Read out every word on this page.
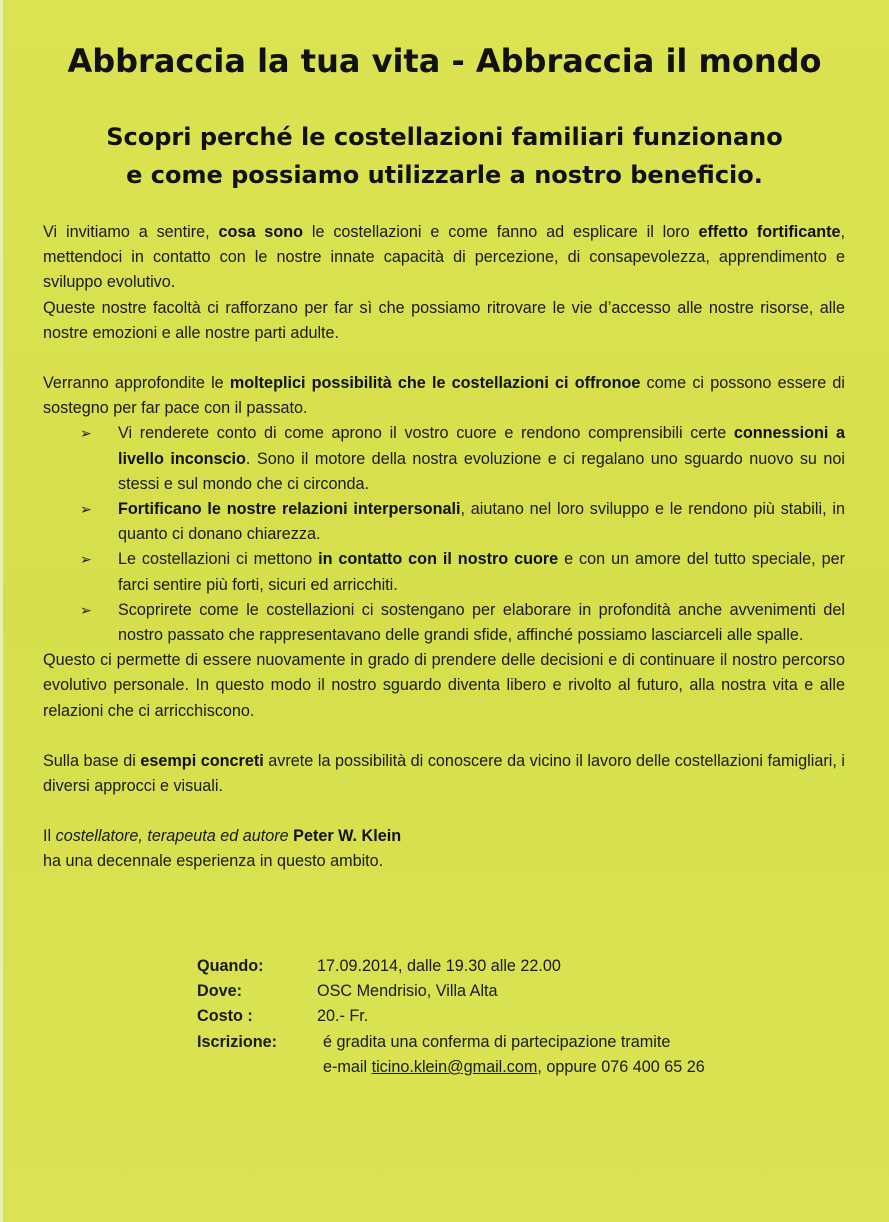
Abbraccia la tua vita - Abbraccia il mondo
Scopri perché le costellazioni familiari funzionano
e come possiamo utilizzarle a nostro beneficio.

Vi invitiamo a sentire, cosa sono le costellazioni e come fanno ad esplicare il loro effetto fortificante, mettendoci in contatto con le nostre innate capacità di percezione, di consapevolezza, apprendimento e sviluppo evolutivo.

Queste nostre facoltà ci rafforzano per far sì che possiamo ritrovare le vie d’accesso alle nostre risorse, alle nostre emozioni e alle nostre parti adulte.

Verranno approfondite le molteplici possibilità che le costellazioni ci offronoe come ci possono essere di sostegno per far pace con il passato.

➢ Vi renderete conto di come aprono il vostro cuore e rendono comprensibili certe connessioni a livello inconscio. Sono il motore della nostra evoluzione e ci regalano uno sguardo nuovo su noi stessi e sul mondo che ci circonda.
➢ Fortificano le nostre relazioni interpersonali, aiutano nel loro sviluppo e le rendono più stabili, in quanto ci donano chiarezza.
➢ Le costellazioni ci mettono in contatto con il nostro cuore e con un amore del tutto speciale, per farci sentire più forti, sicuri ed arricchiti.
➢ Scoprirete come le costellazioni ci sostengano per elaborare in profondità anche avvenimenti del nostro passato che rappresentavano delle grandi sfide, affinché possiamo lasciarceli alle spalle.

Questo ci permette di essere nuovamente in grado di prendere delle decisioni e di continuare il nostro percorso evolutivo personale. In questo modo il nostro sguardo diventa libero e rivolto al futuro, alla nostra vita e alle relazioni che ci arricchiscono.

Sulla base di esempi concreti avrete la possibilità di conoscere da vicino il lavoro delle costellazioni famigliari, i diversi approcci e visuali.

Il costellatore, terapeuta ed autore Peter W. Klein
ha una decennale esperienza in questo ambito.

Quando:	17.09.2014, dalle 19.30 alle 22.00
Dove:	OSC Mendrisio, Villa Alta
Costo :	20.- Fr.
Iscrizione:	é gradita una conferma di partecipazione tramite
e-mail ticino.klein@gmail.com, oppure 076 400 65 26
